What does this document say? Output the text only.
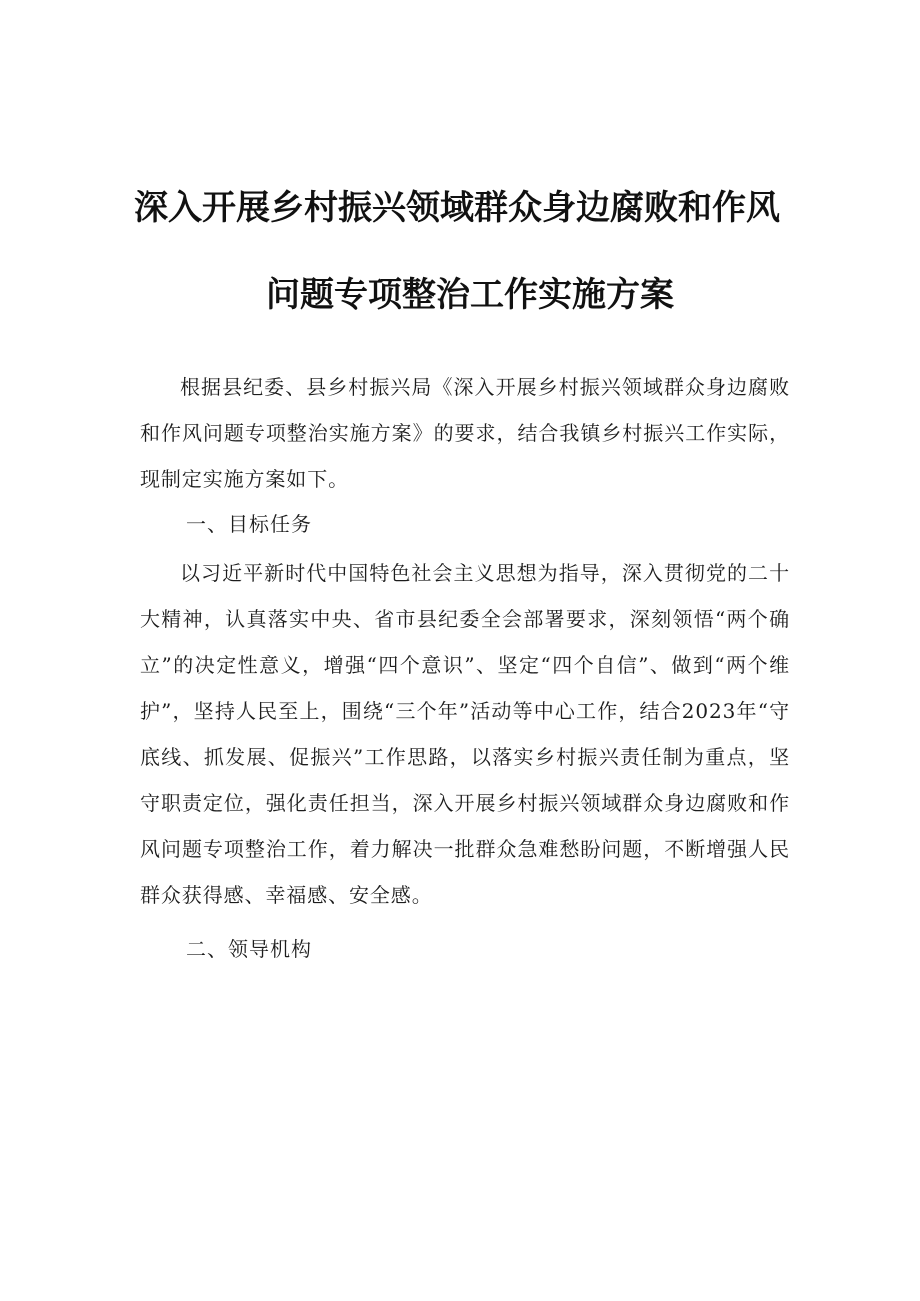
深入开展乡村振兴领域群众身边腐败和作风
问题专项整治工作实施方案

根据县纪委、县乡村振兴局《深入开展乡村振兴领域群众身边腐败和作风问题专项整治实施方案》的要求，结合我镇乡村振兴工作实际，现制定实施方案如下。

一、目标任务

以习近平新时代中国特色社会主义思想为指导，深入贯彻党的二十大精神，认真落实中央、省市县纪委全会部署要求，深刻领悟“两个确立”的决定性意义，增强“四个意识”、坚定“四个自信”、做到“两个维护”，坚持人民至上，围绕“三个年”活动等中心工作，结合2023年“守底线、抓发展、促振兴”工作思路，以落实乡村振兴责任制为重点，坚守职责定位，强化责任担当，深入开展乡村振兴领域群众身边腐败和作风问题专项整治工作，着力解决一批群众急难愁盼问题，不断增强人民群众获得感、幸福感、安全感。

二、领导机构
